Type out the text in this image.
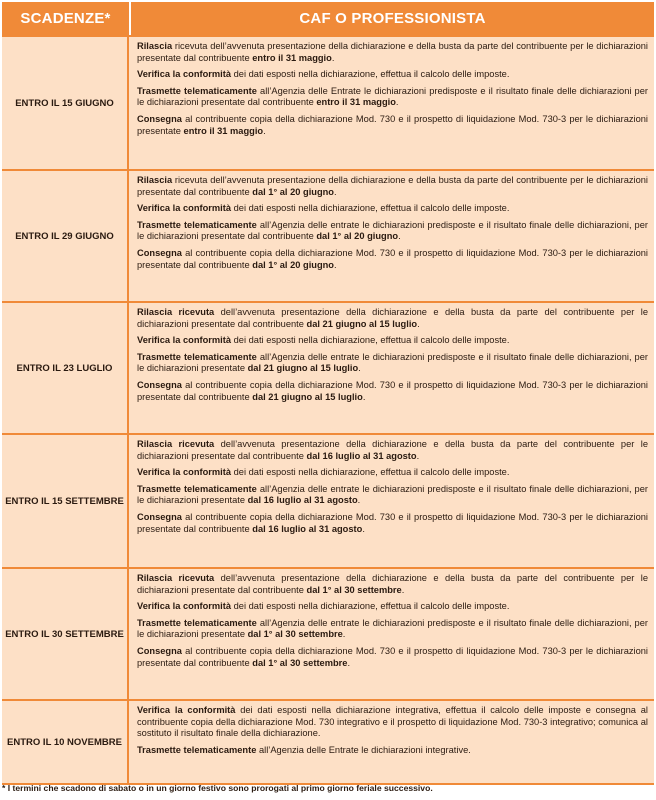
SCADENZE*	CAF O PROFESSIONISTA
ENTRO IL 15 GIUGNO

Rilascia ricevuta dell’avvenuta presentazione della dichiarazione e della busta da parte del contribuente per le dichiarazioni presentate dal contribuente entro il 31 maggio.

Verifica la conformità dei dati esposti nella dichiarazione, effettua il calcolo delle imposte.

Trasmette telematicamente all’Agenzia delle Entrate le dichiarazioni predisposte e il risultato finale delle dichiarazioni per le dichiarazioni presentate dal contribuente entro il 31 maggio.

Consegna al contribuente copia della dichiarazione Mod. 730 e il prospetto di liquidazione Mod. 730-3 per le dichiarazioni presentate entro il 31 maggio.

ENTRO IL 29 GIUGNO

Rilascia ricevuta dell’avvenuta presentazione della dichiarazione e della busta da parte del contribuente per le dichiarazioni presentate dal contribuente dal 1° al 20 giugno.

Verifica la conformità dei dati esposti nella dichiarazione, effettua il calcolo delle imposte.

Trasmette telematicamente all’Agenzia delle entrate le dichiarazioni predisposte e il risultato finale delle dichiarazioni, per le dichiarazioni presentate dal contribuente dal 1° al 20 giugno.

Consegna al contribuente copia della dichiarazione Mod. 730 e il prospetto di liquidazione Mod. 730-3 per le dichiarazioni presentate dal contribuente dal 1° al 20 giugno.

ENTRO IL 23 LUGLIO

Rilascia ricevuta dell’avvenuta presentazione della dichiarazione e della busta da parte del contribuente per le dichiarazioni presentate dal contribuente dal 21 giugno al 15 luglio.

Verifica la conformità dei dati esposti nella dichiarazione, effettua il calcolo delle imposte.

Trasmette telematicamente all’Agenzia delle entrate le dichiarazioni predisposte e il risultato finale delle dichiarazioni, per le dichiarazioni presentate dal 21 giugno al 15 luglio.

Consegna al contribuente copia della dichiarazione Mod. 730 e il prospetto di liquidazione Mod. 730-3 per le dichiarazioni presentate dal contribuente dal 21 giugno al 15 luglio.

ENTRO IL 15 SETTEMBRE

Rilascia ricevuta dell’avvenuta presentazione della dichiarazione e della busta da parte del contribuente per le dichiarazioni presentate dal contribuente dal 16 luglio al 31 agosto.

Verifica la conformità dei dati esposti nella dichiarazione, effettua il calcolo delle imposte.

Trasmette telematicamente all’Agenzia delle entrate le dichiarazioni predisposte e il risultato finale delle dichiarazioni, per le dichiarazioni presentate dal 16 luglio al 31 agosto.

Consegna al contribuente copia della dichiarazione Mod. 730 e il prospetto di liquidazione Mod. 730-3 per le dichiarazioni presentate dal contribuente dal 16 luglio al 31 agosto.

ENTRO IL 30 SETTEMBRE

Rilascia ricevuta dell’avvenuta presentazione della dichiarazione e della busta da parte del contribuente per le dichiarazioni presentate dal contribuente dal 1° al 30 settembre.

Verifica la conformità dei dati esposti nella dichiarazione, effettua il calcolo delle imposte.

Trasmette telematicamente all’Agenzia delle entrate le dichiarazioni predisposte e il risultato finale delle dichiarazioni, per le dichiarazioni presentate dal 1° al 30 settembre.

Consegna al contribuente copia della dichiarazione Mod. 730 e il prospetto di liquidazione Mod. 730-3 per le dichiarazioni presentate dal contribuente dal 1° al 30 settembre.

ENTRO IL 10 NOVEMBRE

Verifica la conformità dei dati esposti nella dichiarazione integrativa, effettua il calcolo delle imposte e consegna al contribuente copia della dichiarazione Mod. 730 integrativo e il prospetto di liquidazione Mod. 730-3 integrativo; comunica al sostituto il risultato finale della dichiarazione.

Trasmette telematicamente all’Agenzia delle Entrate le dichiarazioni integrative.

* I termini che scadono di sabato o in un giorno festivo sono prorogati al primo giorno feriale successivo.
